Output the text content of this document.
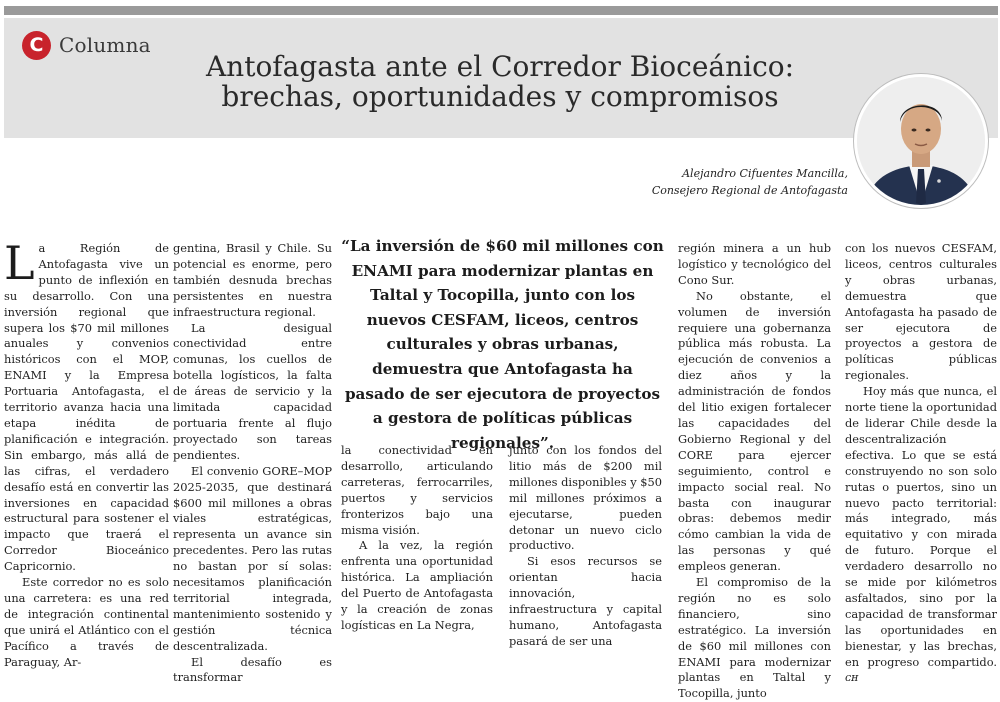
C Columna
Antofagasta ante el Corredor Bioceánico:
brechas, oportunidades y compromisos
Alejandro Cifuentes Mancilla,
Consejero Regional de Antofagasta

La Región de Antofagasta vive un punto de inflexión en su desarrollo. Con una inversión regional que supera los $70 mil millones anuales y convenios históricos con el MOP, ENAMI y la Empresa Portuaria Antofagasta, el territorio avanza hacia una etapa inédita de planificación e integración. Sin embargo, más allá de las cifras, el verdadero desafío está en convertir las inversiones en capacidad estructural para sostener el impacto que traerá el Corredor Bioceánico Capricornio.

Este corredor no es solo una carretera: es una red de integración continental que unirá el Atlántico con el Pacífico a través de Paraguay, Ar-

gentina, Brasil y Chile. Su potencial es enorme, pero también desnuda brechas persistentes en nuestra infraestructura regional.

La desigual conectividad entre comunas, los cuellos de botella logísticos, la falta de áreas de servicio y la limitada capacidad portuaria frente al flujo proyectado son tareas pendientes.

El convenio GORE–MOP 2025-2035, que destinará $600 mil millones a obras viales estratégicas, representa un avance sin precedentes. Pero las rutas no bastan por sí solas: necesitamos planificación territorial integrada, mantenimiento sostenido y gestión técnica descentralizada.

El desafío es transformar

“La inversión de $60 mil millones con ENAMI para modernizar plantas en Taltal y Tocopilla, junto con los nuevos CESFAM, liceos, centros culturales y obras urbanas, demuestra que Antofagasta ha pasado de ser ejecutora de proyectos a gestora de políticas públicas regionales”.

la conectividad en desarrollo, articulando carreteras, ferrocarriles, puertos y servicios fronterizos bajo una misma visión.

A la vez, la región enfrenta una oportunidad histórica. La ampliación del Puerto de Antofagasta y la creación de zonas logísticas en La Negra,

junto con los fondos del litio más de $200 mil millones disponibles y $50 mil millones próximos a ejecutarse, pueden detonar un nuevo ciclo productivo.

Si esos recursos se orientan hacia innovación, infraestructura y capital humano, Antofagasta pasará de ser una

región minera a un hub logístico y tecnológico del Cono Sur.

No obstante, el volumen de inversión requiere una gobernanza pública más robusta. La ejecución de convenios a diez años y la administración de fondos del litio exigen fortalecer las capacidades del Gobierno Regional y del CORE para ejercer seguimiento, control e impacto social real. No basta con inaugurar obras: debemos medir cómo cambian la vida de las personas y qué empleos generan.

El compromiso de la región no es solo financiero, sino estratégico. La inversión de $60 mil millones con ENAMI para modernizar plantas en Taltal y Tocopilla, junto

con los nuevos CESFAM, liceos, centros culturales y obras urbanas, demuestra que Antofagasta ha pasado de ser ejecutora de proyectos a gestora de políticas públicas regionales.

Hoy más que nunca, el norte tiene la oportunidad de liderar Chile desde la descentralización efectiva. Lo que se está construyendo no son solo rutas o puertos, sino un nuevo pacto territorial: más integrado, más equitativo y con mirada de futuro. Porque el verdadero desarrollo no se mide por kilómetros asfaltados, sino por la capacidad de transformar las oportunidades en bienestar, y las brechas, en progreso compartido. ᴄʜ
